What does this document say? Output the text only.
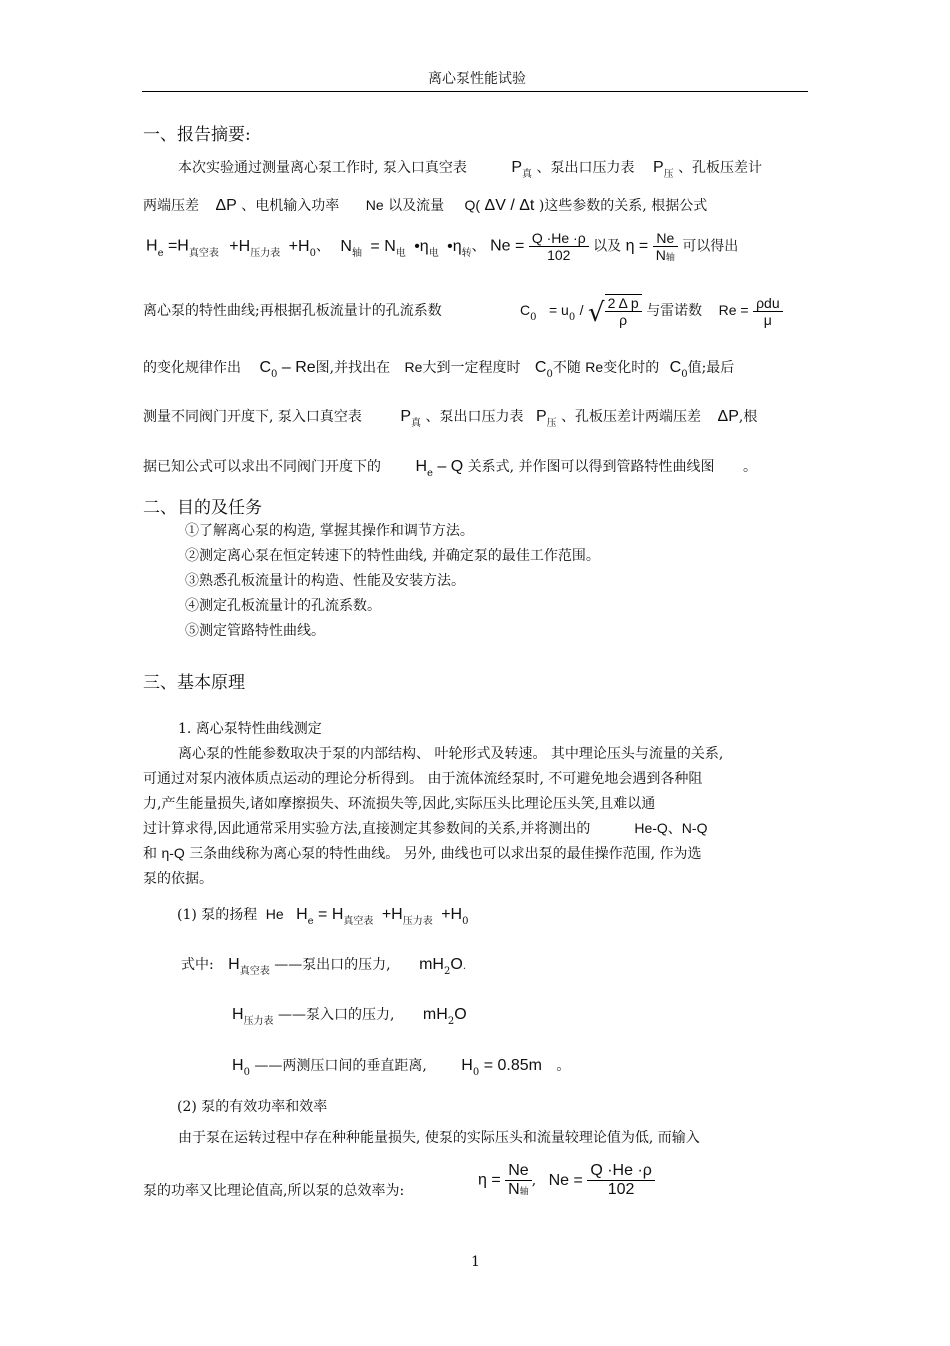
离心泵性能试验
一、报告摘要:
本次实验通过测量离心泵工作时, 泵入口真空表	$P_真$ 、泵出口压力表 $P_压$ 、孔板压差计
两端压差 ΔP 、电机输入功率 Ne 以及流量 Q( ΔV / Δt )这些参数的关系, 根据公式
$H_e =H_{真空表} +H_{压力表} +H_0$、 $N_轴 = N_电$ $•\eta_电$ $•\eta_转$、 $Ne = \frac{Q \cdot He \cdot\rho}{102}$ 以及 $\eta = \frac{Ne}{\text{N轴}}$ 可以得出
离心泵的特性曲线;再根据孔板流量计的孔流系数	$C_0 = u_0$ / √ $\frac{\text{2 Δ p}}{\rho}$ 与雷诺数 $Re = \frac{\text{ρdu}}{\mu}$
的变化规律作出 $C_0$ – Re图,并找出在 Re大到一定程度时 $C_0$不随 Re变化时的 $C_0$值;最后
测量不同阀门开度下, 泵入口真空表 $P_真$ 、泵出口压力表 $P_压$ 、孔板压差计两端压差 ΔP,根
据已知公式可以求出不同阀门开度下的 $H_e$ – Q 关系式, 并作图可以得到管路特性曲线图 。
二、目的及任务
①了解离心泵的构造, 掌握其操作和调节方法。
②测定离心泵在恒定转速下的特性曲线, 并确定泵的最佳工作范围。
③熟悉孔板流量计的构造、性能及安装方法。
④测定孔板流量计的孔流系数。
⑤测定管路特性曲线。
三、基本原理
1. 离心泵特性曲线测定
离心泵的性能参数取决于泵的内部结构、 叶轮形式及转速。 其中理论压头与流量的关系,
可通过对泵内液体质点运动的理论分析得到。 由于流体流经泵时, 不可避免地会遇到各种阻
力,产生能量损失,诸如摩擦损失、环流损失等,因此,实际压头比理论压头笑,且难以通
过计算求得,因此通常采用实验方法,直接测定其参数间的关系,并将测出的	He-Q、N-Q
和 η-Q 三条曲线称为离心泵的特性曲线。 另外, 曲线也可以求出泵的最佳操作范围, 作为选
泵的依据。
(1) 泵的扬程 He $H_e = H_{真空表} +H_{压力表} +H_0$
式中: $H_{真空表}$ ——泵出口的压力, $mH_2O$.
$H_{压力表}$ ——泵入口的压力, $mH_2O$
$H_0$ ——两测压口间的垂直距离, $H_0 = 0.85m$ 。
(2) 泵的有效功率和效率
由于泵在运转过程中存在种种能量损失, 使泵的实际压头和流量较理论值为低, 而输入
泵的功率又比理论值高,所以泵的总效率为:
$\eta = \frac{Ne}{\text{N轴}}$ , $Ne = \frac{Q \cdot He \cdot\rho}{102}$
1
